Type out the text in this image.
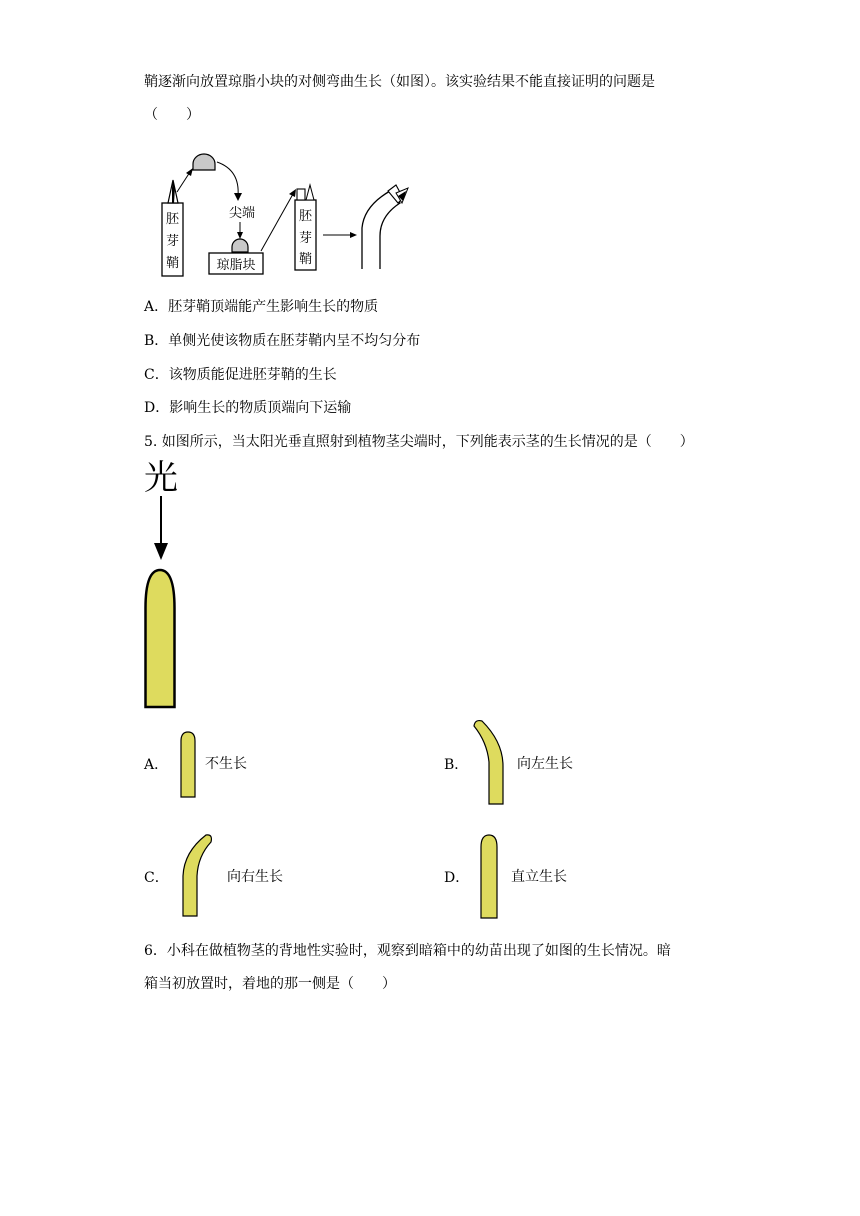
鞘逐渐向放置琼脂小块的对侧弯曲生长（如图）。该实验结果不能直接证明的问题是
（　　）
胚
芽
鞘
尖端
琼脂块
胚
芽
鞘
A．胚芽鞘顶端能产生影响生长的物质
B．单侧光使该物质在胚芽鞘内呈不均匀分布
C．该物质能促进胚芽鞘的生长
D．影响生长的物质顶端向下运输
5. 如图所示，当太阳光垂直照射到植物茎尖端时，下列能表示茎的生长情况的是（　　）
光
A．	不生长	B．	向左生长
C．	向右生长	D．	直立生长
6．小科在做植物茎的背地性实验时，观察到暗箱中的幼苗出现了如图的生长情况。暗
箱当初放置时，着地的那一侧是（　　）
